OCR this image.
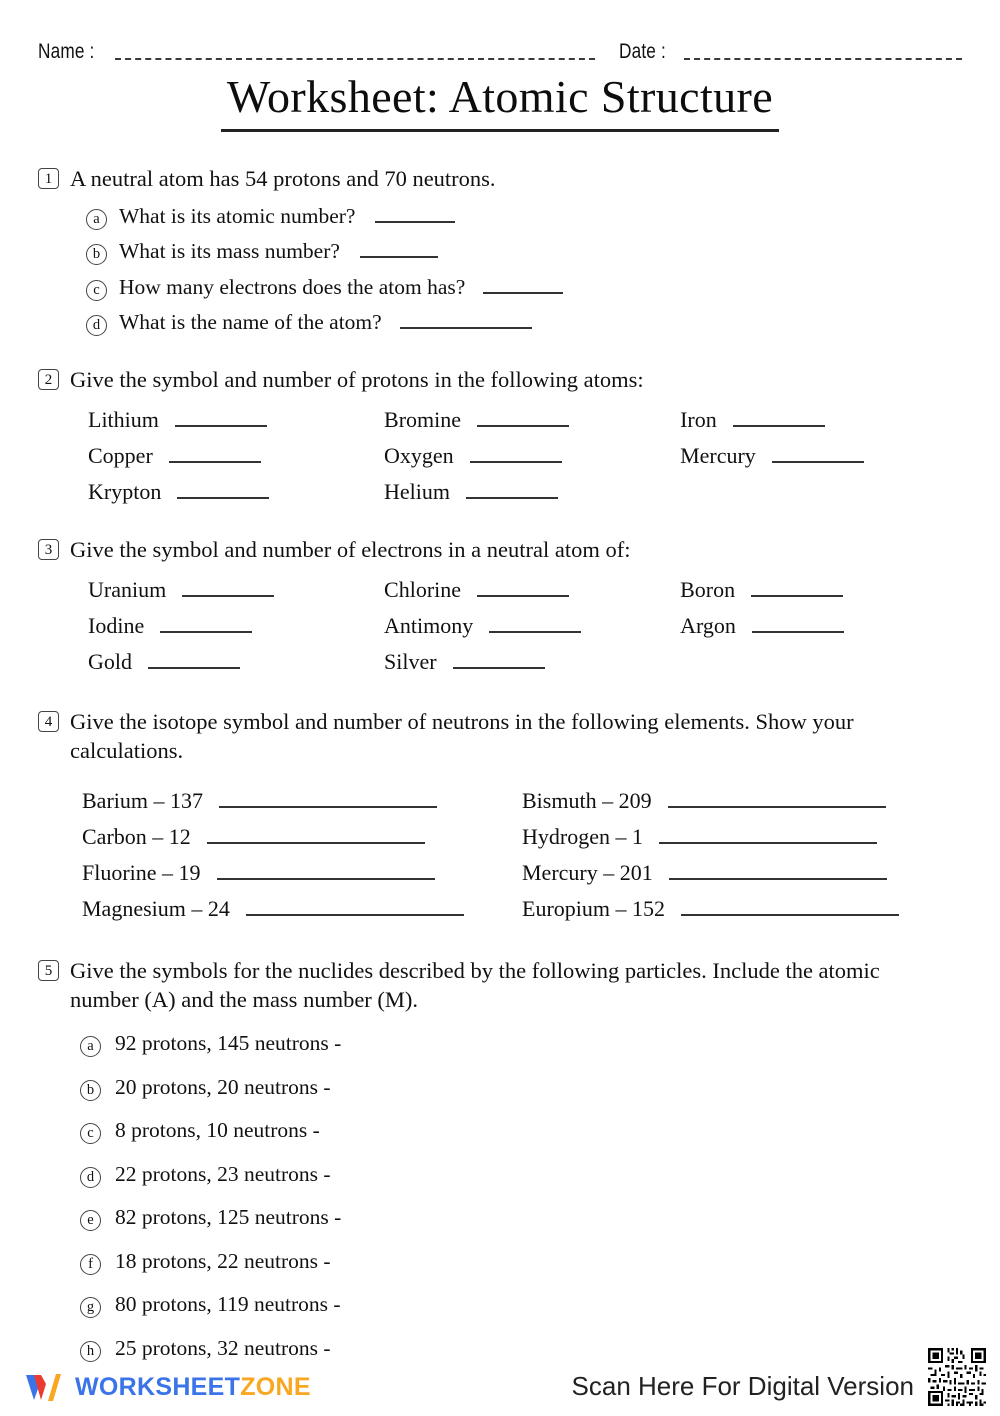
Name :	Date :
Worksheet: Atomic Structure
1 A neutral atom has 54 protons and 70 neutrons.
a What is its atomic number?
b What is its mass number?
c How many electrons does the atom has?
d What is the name of the atom?
2 Give the symbol and number of protons in the following atoms:
Lithium	Bromine	Iron
Copper	Oxygen	Mercury
Krypton	Helium
3 Give the symbol and number of electrons in a neutral atom of:
Uranium	Chlorine	Boron
Iodine	Antimony	Argon
Gold	Silver
4 Give the isotope symbol and number of neutrons in the following elements. Show your calculations.
Barium – 137	Bismuth – 209
Carbon – 12	Hydrogen – 1
Fluorine – 19	Mercury – 201
Magnesium – 24	Europium – 152
5 Give the symbols for the nuclides described by the following particles. Include the atomic number (A) and the mass number (M).
a 92 protons, 145 neutrons -
b 20 protons, 20 neutrons -
c 8 protons, 10 neutrons -
d 22 protons, 23 neutrons -
e 82 protons, 125 neutrons -
f	18 protons, 22 neutrons -
g 80 protons, 119 neutrons -
h 25 protons, 32 neutrons -
WORKSHEETZONE	Scan Here For Digital Version
